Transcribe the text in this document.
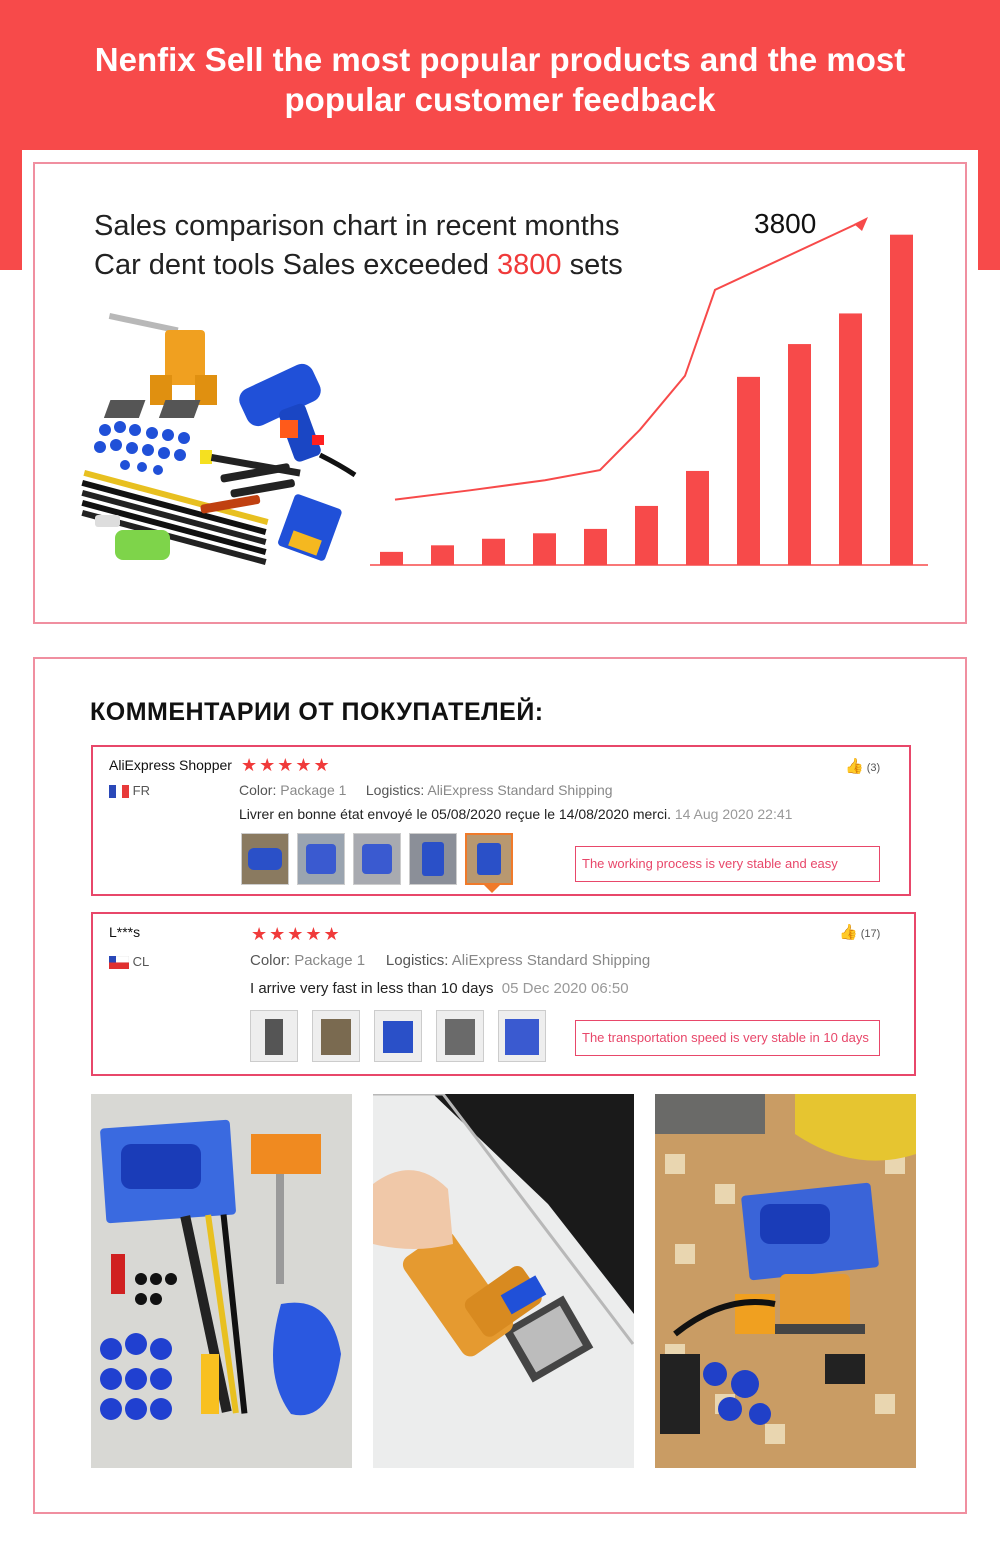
Nenfix Sell the most popular products and the most popular customer feedback
Sales comparison chart in recent months
Car dent tools Sales exceeded 3800 sets
3800
КОММЕНТАРИИ ОТ ПОКУПАТЕЛЕЙ:
AliExpress Shopper ★★★★★
FR	Color: Package 1 Logistics: AliExpress Standard Shipping
Livrer en bonne état envoyé le 05/08/2020 reçue le 14/08/2020 merci. 14 Aug 2020 22:41
👍 (3)
The working process is very stable and easy
L***s	★★★★★
CL	Color: Package 1 Logistics: AliExpress Standard Shipping
I arrive very fast in less than 10 days 05 Dec 2020 06:50
👍 (17)
The transportation speed is very stable in 10 days
